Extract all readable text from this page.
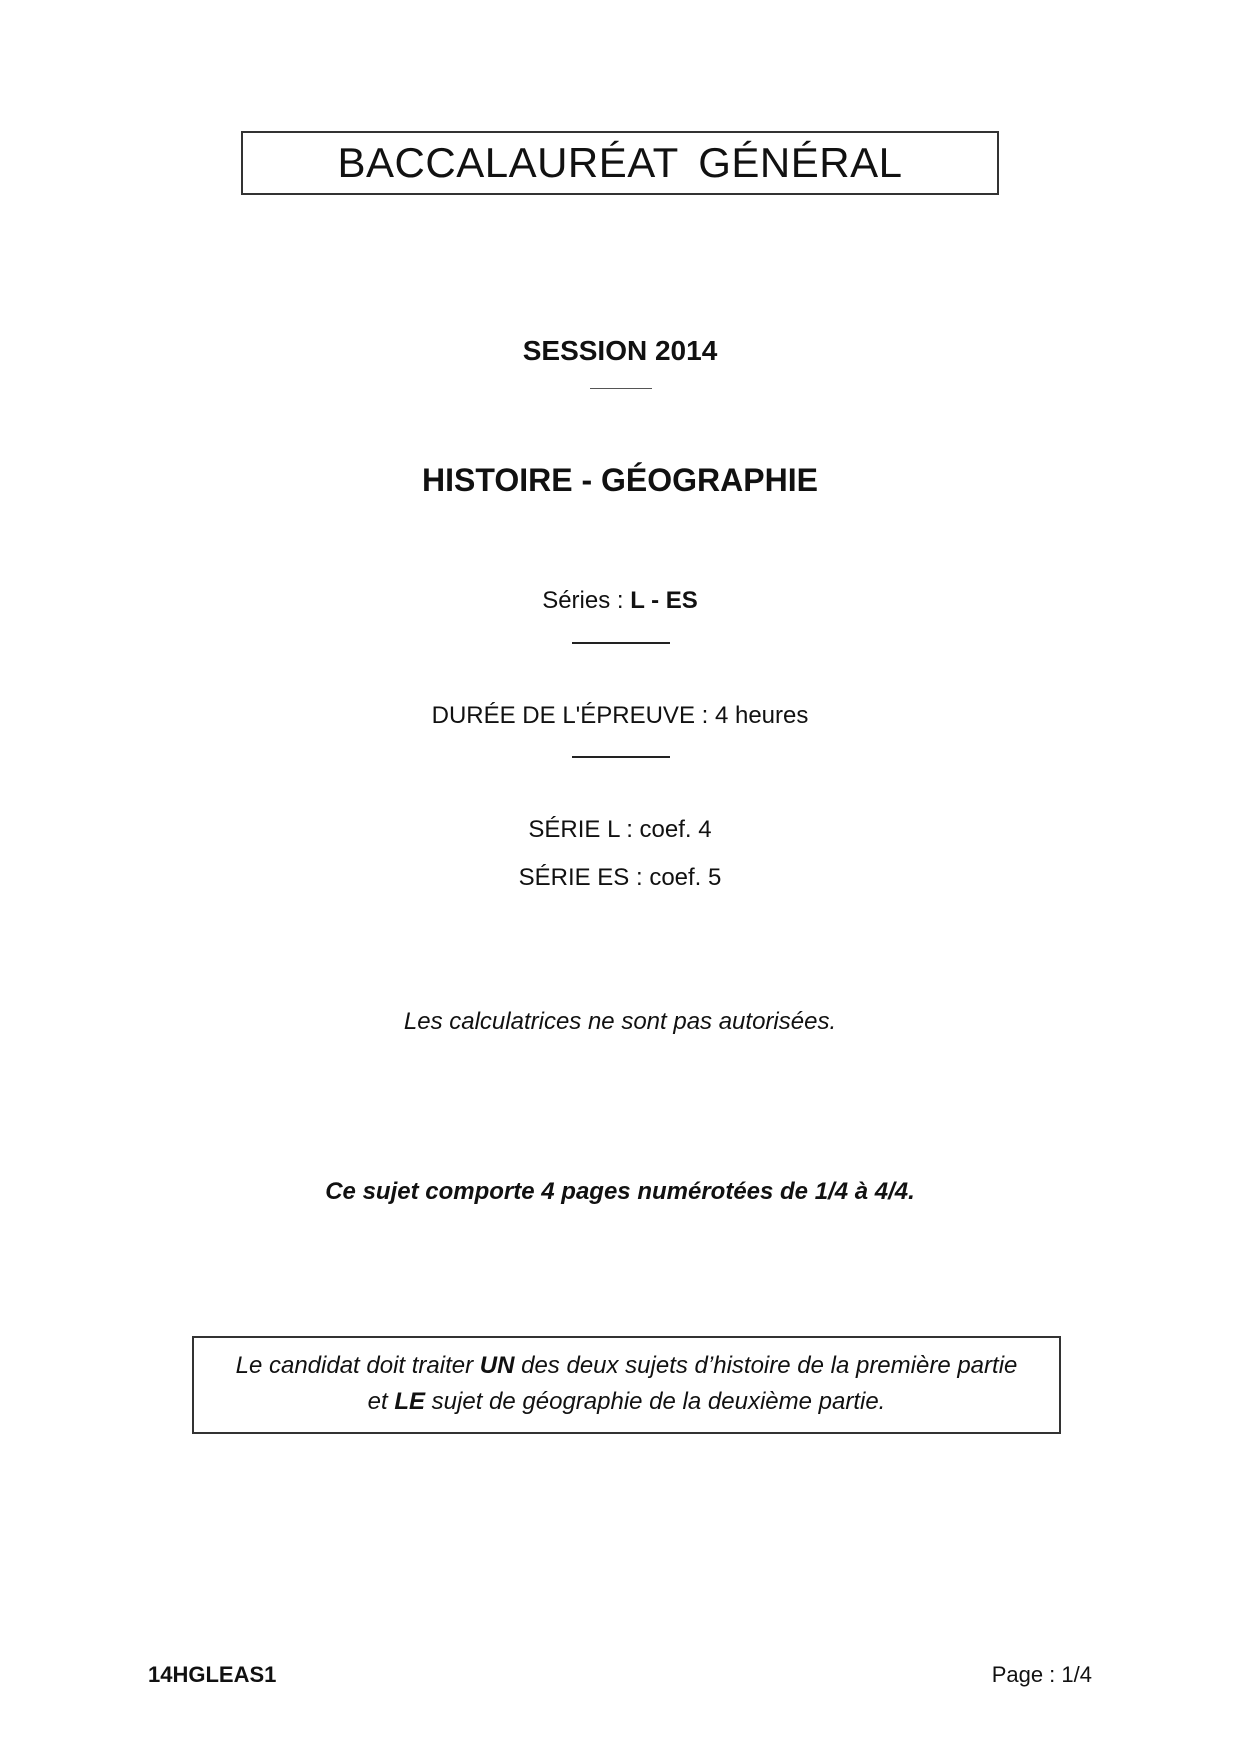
BACCALAURÉAT GÉNÉRAL
SESSION 2014
HISTOIRE - GÉOGRAPHIE
Séries : L - ES
DURÉE DE L'ÉPREUVE : 4 heures
SÉRIE L : coef. 4
SÉRIE ES : coef. 5
Les calculatrices ne sont pas autorisées.
Ce sujet comporte 4 pages numérotées de 1/4 à 4/4.
Le candidat doit traiter UN des deux sujets d’histoire de la première partie
et LE sujet de géographie de la deuxième partie.
14HGLEAS1	Page : 1/4
